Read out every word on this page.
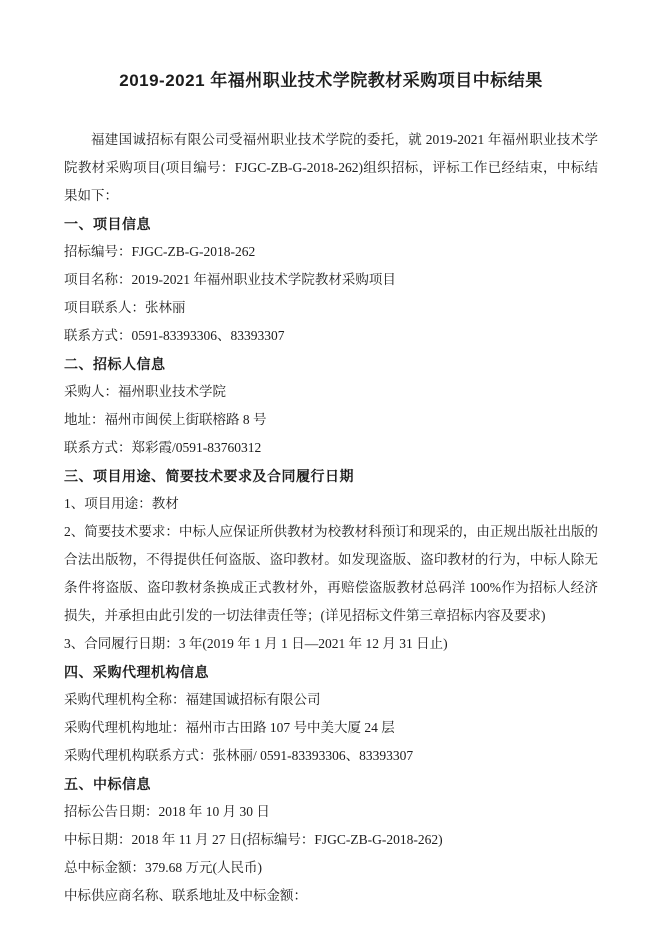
2019-2021 年福州职业技术学院教材采购项目中标结果

福建国诚招标有限公司受福州职业技术学院的委托，就 2019-2021 年福州职业技术学院教材采购项目(项目编号：FJGC-ZB-G-2018-262)组织招标，评标工作已经结束，中标结果如下：

一、项目信息

招标编号：FJGC-ZB-G-2018-262

项目名称：2019-2021 年福州职业技术学院教材采购项目

项目联系人：张林丽

联系方式：0591-83393306、83393307

二、招标人信息

采购人：福州职业技术学院

地址：福州市闽侯上街联榕路 8 号

联系方式：郑彩霞/0591-83760312

三、项目用途、简要技术要求及合同履行日期

1、项目用途：教材

2、简要技术要求：中标人应保证所供教材为校教材科预订和现采的，由正规出版社出版的合法出版物，不得提供任何盗版、盗印教材。如发现盗版、盗印教材的行为，中标人除无条件将盗版、盗印教材条换成正式教材外，再赔偿盗版教材总码洋 100%作为招标人经济损失，并承担由此引发的一切法律责任等；(详见招标文件第三章招标内容及要求)

3、合同履行日期：3 年(2019 年 1 月 1 日—2021 年 12 月 31 日止)

四、采购代理机构信息

采购代理机构全称：福建国诚招标有限公司

采购代理机构地址：福州市古田路 107 号中美大厦 24 层

采购代理机构联系方式：张林丽/ 0591-83393306、83393307

五、中标信息

招标公告日期：2018 年 10 月 30 日

中标日期：2018 年 11 月 27 日(招标编号：FJGC-ZB-G-2018-262)

总中标金额：379.68 万元(人民币)

中标供应商名称、联系地址及中标金额：
